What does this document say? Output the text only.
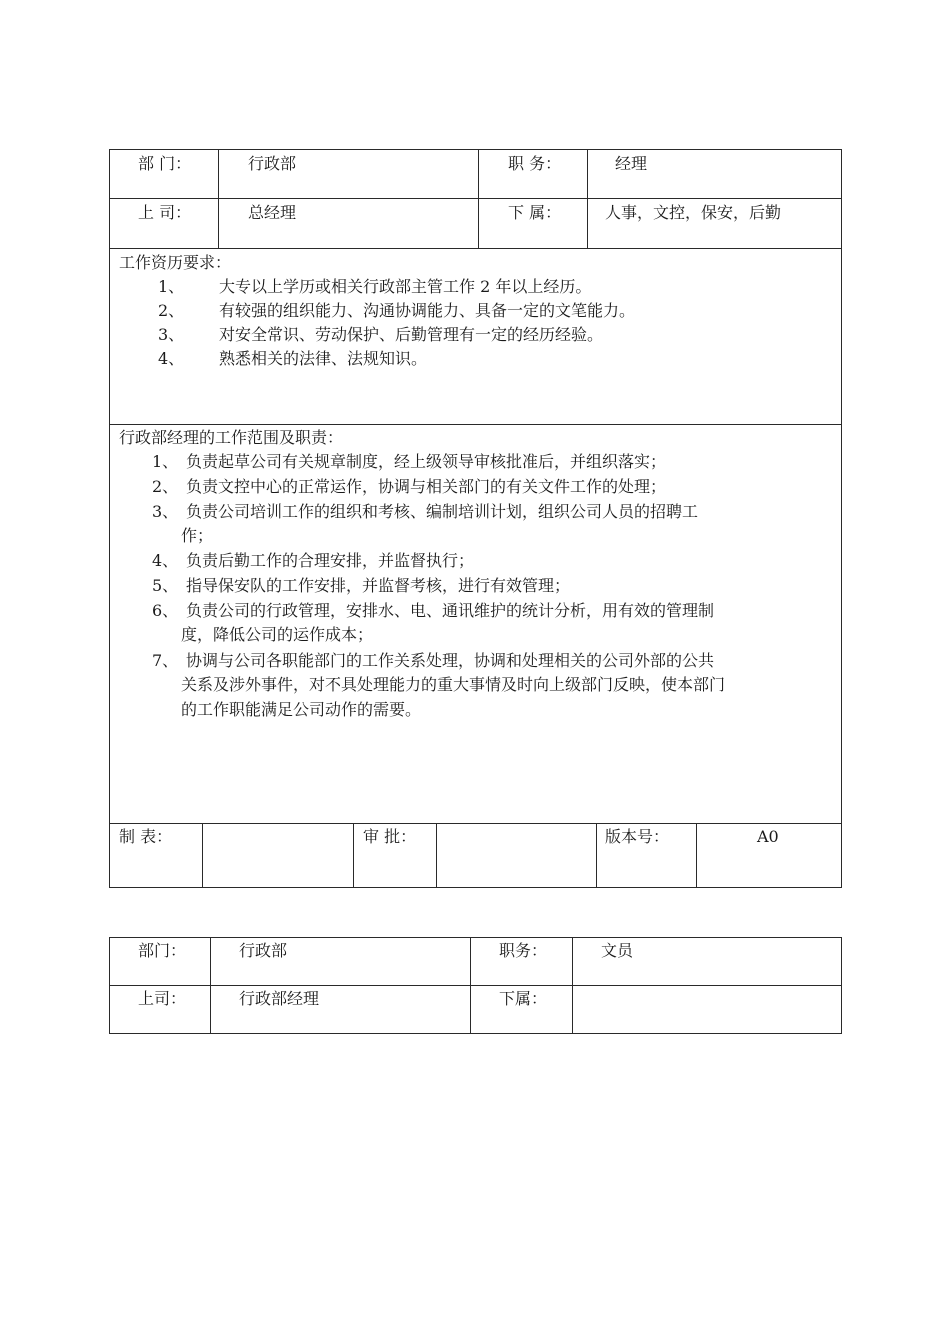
部 门：	行政部	职 务：	经理
上 司：	总经理	下 属：	人事，文控，保安，后勤
工作资历要求：
1、 大专以上学历或相关行政部主管工作 2 年以上经历。
2、 有较强的组织能力、沟通协调能力、具备一定的文笔能力。
3、 对安全常识、劳动保护、后勤管理有一定的经历经验。
4、 熟悉相关的法律、法规知识。
行政部经理的工作范围及职责：
1、 负责起草公司有关规章制度，经上级领导审核批准后，并组织落实；
2、 负责文控中心的正常运作，协调与相关部门的有关文件工作的处理；
3、 负责公司培训工作的组织和考核、编制培训计划，组织公司人员的招聘工
作；
4、 负责后勤工作的合理安排，并监督执行；
5、 指导保安队的工作安排，并监督考核，进行有效管理；
6、 负责公司的行政管理，安排水、电、通讯维护的统计分析，用有效的管理制
度，降低公司的运作成本；
7、 协调与公司各职能部门的工作关系处理，协调和处理相关的公司外部的公共
关系及涉外事件，对不具处理能力的重大事情及时向上级部门反映，使本部门
的工作职能满足公司动作的需要。
制 表：	审 批：	版本号：	A0
部门：	行政部	职务：	文员
上司：	行政部经理	下属：
